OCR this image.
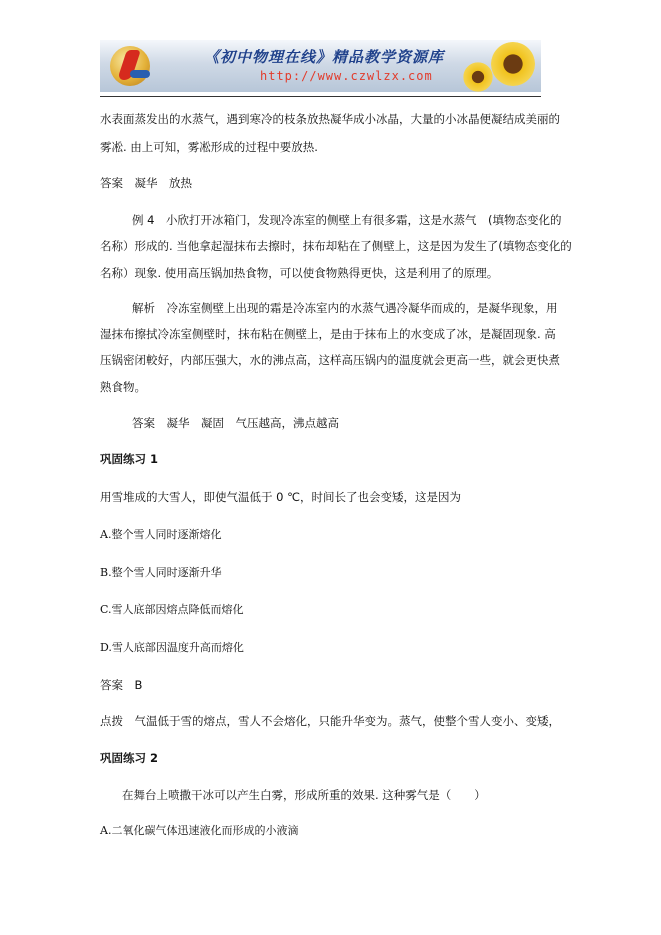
《初中物理在线》精品教学资源库
http://www.czwlzx.com
水表面蒸发出的水蒸气，遇到寒冷的枝条放热凝华成小冰晶，大量的小冰晶便凝结成美丽的
雾凇. 由上可知，雾凇形成的过程中要放热.
答案　凝华　放热
例 4　小欣打开冰箱门，发现冷冻室的侧壁上有很多霜，这是水蒸气　(填物态变化的
名称）形成的. 当他拿起湿抹布去擦时，抹布却粘在了侧壁上，这是因为发生了(填物态变化的
名称）现象. 使用高压锅加热食物，可以使食物熟得更快，这是利用了的原理。
解析　冷冻室侧壁上出现的霜是冷冻室内的水蒸气遇冷凝华而成的，是凝华现象，用
湿抹布擦拭冷冻室侧壁时，抹布粘在侧壁上，是由于抹布上的水变成了冰，是凝固现象. 高
压锅密闭較好，内部压强大，水的沸点高，这样高压锅内的温度就会更高一些，就会更快煮
熟食物。
答案　凝华　凝固　气压越高，沸点越高
巩固练习 1
用雪堆成的大雪人，即使气温低于 0 ℃，时间长了也会变矮，这是因为
A.整个雪人同时逐渐熔化
B.整个雪人同时逐渐升华
C.雪人底部因熔点降低而熔化
D.雪人底部因温度升高而熔化
答案　B
点拨　气温低于雪的熔点，雪人不会熔化，只能升华变为。蒸气，使整个雪人变小、变矮，
巩固练习 2
在舞台上喷撒干冰可以产生白雾，形成所重的效果. 这种雾气是（　　）
A.二氧化碳气体迅速液化而形成的小液滴
